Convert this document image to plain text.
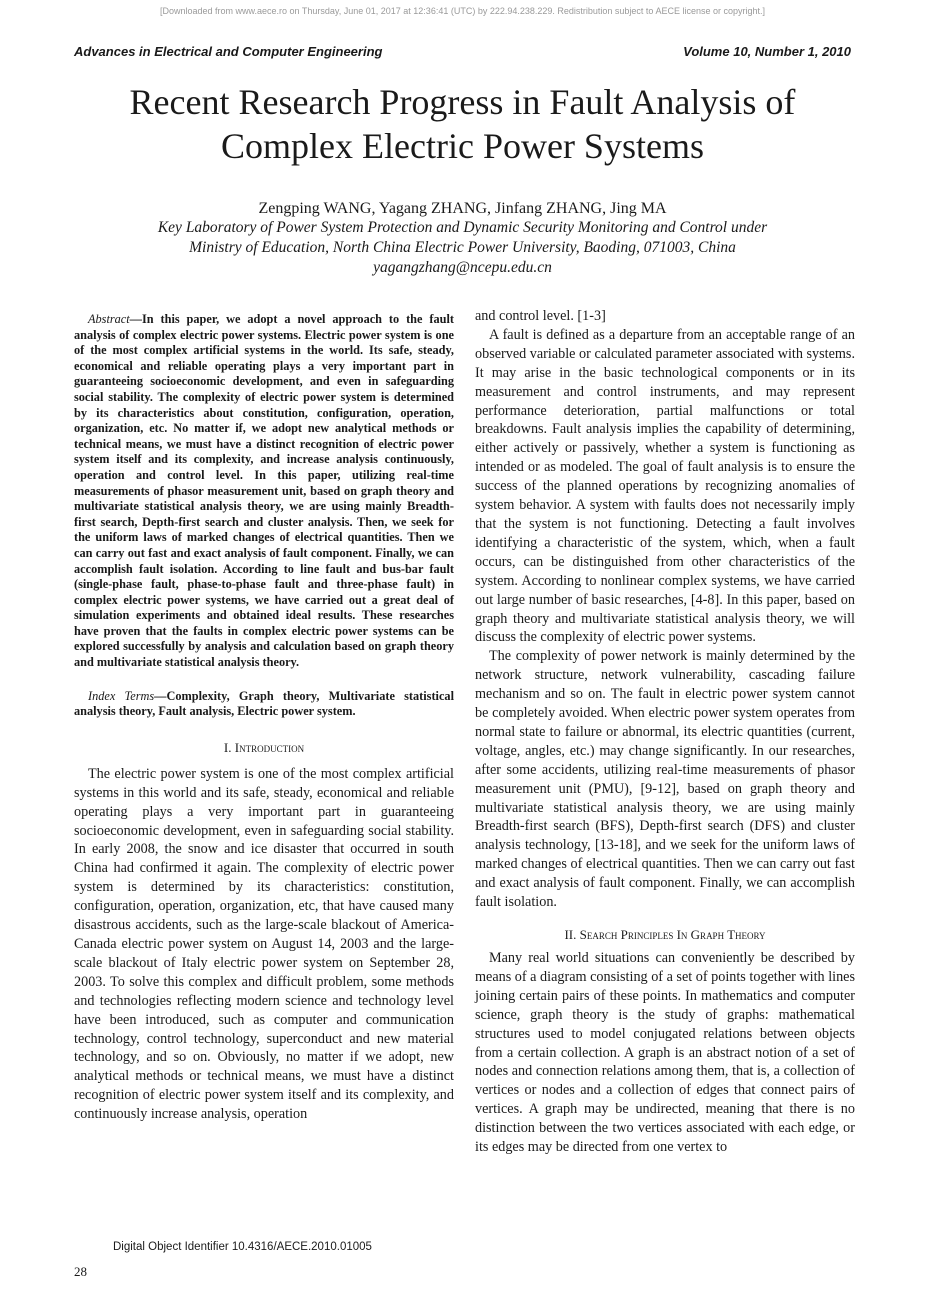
[Downloaded from www.aece.ro on Thursday, June 01, 2017 at 12:36:41 (UTC) by 222.94.238.229. Redistribution subject to AECE license or copyright.]
Advances in Electrical and Computer Engineering	Volume 10, Number 1, 2010
Recent Research Progress in Fault Analysis of
Complex Electric Power Systems
Zengping WANG, Yagang ZHANG, Jinfang ZHANG, Jing MA
Key Laboratory of Power System Protection and Dynamic Security Monitoring and Control under
Ministry of Education, North China Electric Power University, Baoding, 071003, China
yagangzhang@ncepu.edu.cn

Abstract—In this paper, we adopt a novel approach to the fault analysis of complex electric power systems. Electric power system is one of the most complex artificial systems in the world. Its safe, steady, economical and reliable operating plays a very important part in guaranteeing socioeconomic development, and even in safeguarding social stability. The complexity of electric power system is determined by its characteristics about constitution, configuration, operation, organization, etc. No matter if, we adopt new analytical methods or technical means, we must have a distinct recognition of electric power system itself and its complexity, and increase analysis continuously, operation and control level. In this paper, utilizing real-time measurements of phasor measurement unit, based on graph theory and multivariate statistical analysis theory, we are using mainly Breadth-first search, Depth-first search and cluster analysis. Then, we seek for the uniform laws of marked changes of electrical quantities. Then we can carry out fast and exact analysis of fault component. Finally, we can accomplish fault isolation. According to line fault and bus-bar fault (single-phase fault, phase-to-phase fault and three-phase fault) in complex electric power systems, we have carried out a great deal of simulation experiments and obtained ideal results. These researches have proven that the faults in complex electric power systems can be explored successfully by analysis and calculation based on graph theory and multivariate statistical analysis theory.

Index Terms—Complexity, Graph theory, Multivariate statistical analysis theory, Fault analysis, Electric power system.

I. Introduction

The electric power system is one of the most complex artificial systems in this world and its safe, steady, economical and reliable operating plays a very important part in guaranteeing socioeconomic development, even in safeguarding social stability. In early 2008, the snow and ice disaster that occurred in south China had confirmed it again. The complexity of electric power system is determined by its characteristics: constitution, configuration, operation, organization, etc, that have caused many disastrous accidents, such as the large-scale blackout of America-Canada electric power system on August 14, 2003 and the large-scale blackout of Italy electric power system on September 28, 2003. To solve this complex and difficult problem, some methods and technologies reflecting modern science and technology level have been introduced, such as computer and communication technology, control technology, superconduct and new material technology, and so on. Obviously, no matter if we adopt, new analytical methods or technical means, we must have a distinct recognition of electric power system itself and its complexity, and continuously increase analysis, operation

and control level. [1-3]

A fault is defined as a departure from an acceptable range of an observed variable or calculated parameter associated with systems. It may arise in the basic technological components or in its measurement and control instruments, and may represent performance deterioration, partial malfunctions or total breakdowns. Fault analysis implies the capability of determining, either actively or passively, whether a system is functioning as intended or as modeled. The goal of fault analysis is to ensure the success of the planned operations by recognizing anomalies of system behavior. A system with faults does not necessarily imply that the system is not functioning. Detecting a fault involves identifying a characteristic of the system, which, when a fault occurs, can be distinguished from other characteristics of the system. According to nonlinear complex systems, we have carried out large number of basic researches, [4-8]. In this paper, based on graph theory and multivariate statistical analysis theory, we will discuss the complexity of electric power systems.

The complexity of power network is mainly determined by the network structure, network vulnerability, cascading failure mechanism and so on. The fault in electric power system cannot be completely avoided. When electric power system operates from normal state to failure or abnormal, its electric quantities (current, voltage, angles, etc.) may change significantly. In our researches, after some accidents, utilizing real-time measurements of phasor measurement unit (PMU), [9-12], based on graph theory and multivariate statistical analysis theory, we are using mainly Breadth-first search (BFS), Depth-first search (DFS) and cluster analysis technology, [13-18], and we seek for the uniform laws of marked changes of electrical quantities. Then we can carry out fast and exact analysis of fault component. Finally, we can accomplish fault isolation.

II. Search Principles In Graph Theory

Many real world situations can conveniently be described by means of a diagram consisting of a set of points together with lines joining certain pairs of these points. In mathematics and computer science, graph theory is the study of graphs: mathematical structures used to model conjugated relations between objects from a certain collection. A graph is an abstract notion of a set of nodes and connection relations among them, that is, a collection of vertices or nodes and a collection of edges that connect pairs of vertices. A graph may be undirected, meaning that there is no distinction between the two vertices associated with each edge, or its edges may be directed from one vertex to

Digital Object Identifier 10.4316/AECE.2010.01005
28
